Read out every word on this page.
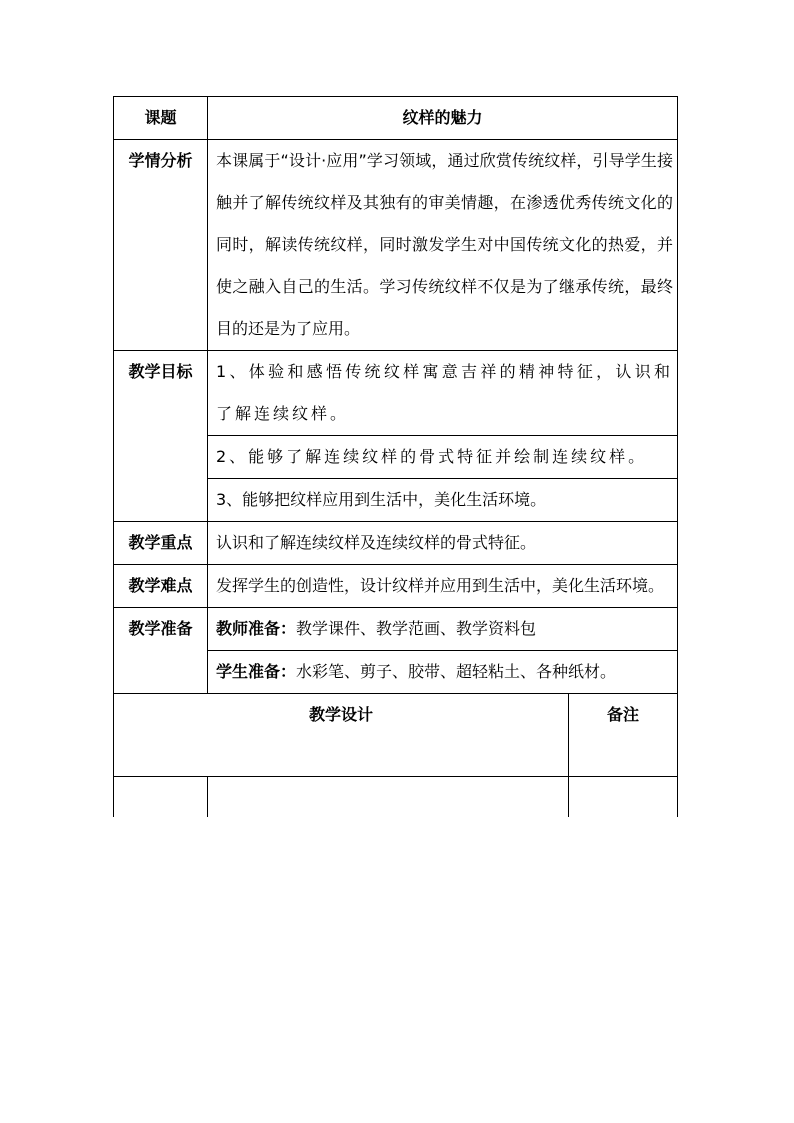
课题	纹样的魅力	
学情分析	本课属于“设计·应用”学习领域，通过欣赏传统纹样，引导学生接触并了解传统纹样及其独有的审美情趣，在渗透优秀传统文化的同时，解读传统纹样，同时激发学生对中国传统文化的热爱，并使之融入自己的生活。学习传统纹样不仅是为了继承传统，最终目的还是为了应用。	
教学目标	1、体验和感悟传统纹样寓意吉祥的精神特征，认识和了解连续纹样。	
	2、能够了解连续纹样的骨式特征并绘制连续纹样。	
	3、能够把纹样应用到生活中，美化生活环境。	
教学重点	认识和了解连续纹样及连续纹样的骨式特征。	
教学难点	发挥学生的创造性，设计纹样并应用到生活中，美化生活环境。	
教学准备	教师准备：教学课件、教学范画、教学资料包	
	学生准备：水彩笔、剪子、胶带、超轻粘土、各种纸材。	
教学设计		备注
